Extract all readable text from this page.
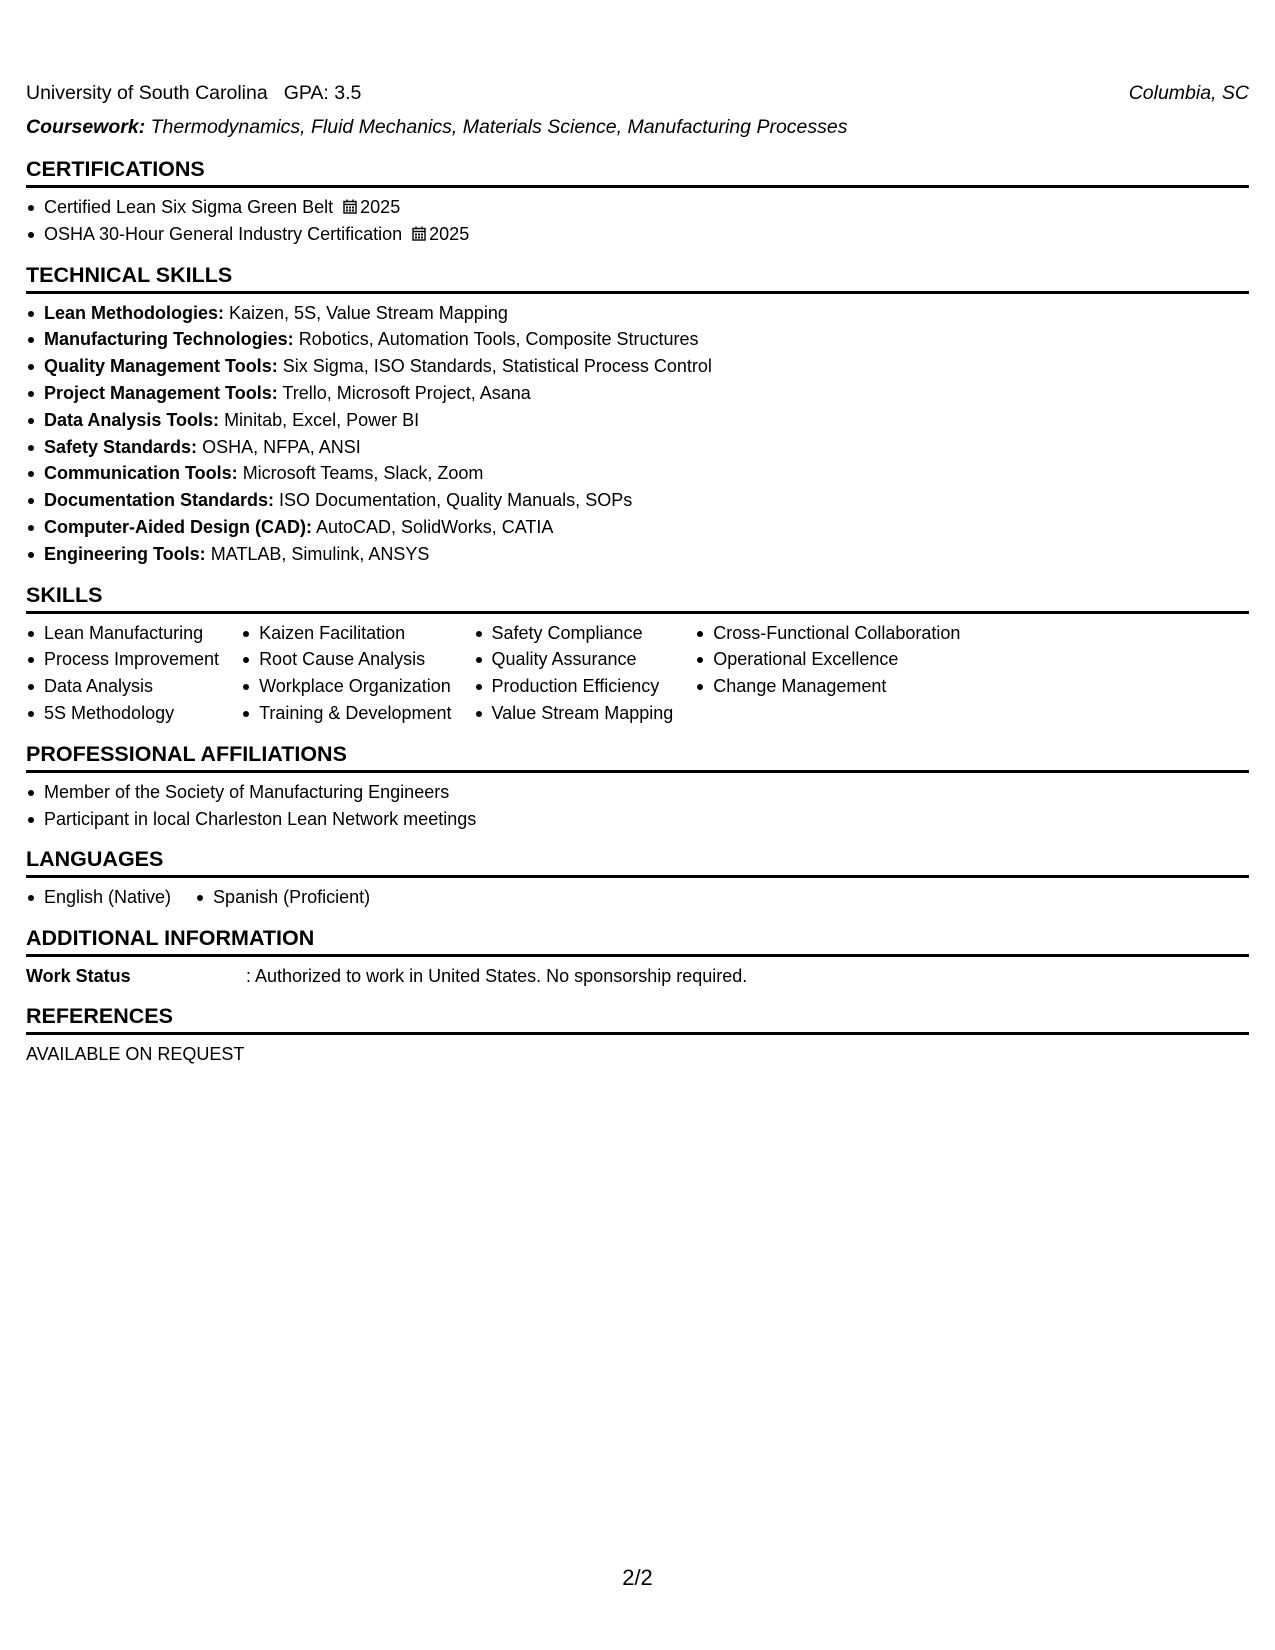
University of South Carolina GPA: 3.5	Columbia, SC
Coursework: Thermodynamics, Fluid Mechanics, Materials Science, Manufacturing Processes
CERTIFICATIONS
Certified Lean Six Sigma Green Belt 2025
OSHA 30-Hour General Industry Certification 2025
TECHNICAL SKILLS
Lean Methodologies: Kaizen, 5S, Value Stream Mapping
Manufacturing Technologies: Robotics, Automation Tools, Composite Structures
Quality Management Tools: Six Sigma, ISO Standards, Statistical Process Control
Project Management Tools: Trello, Microsoft Project, Asana
Data Analysis Tools: Minitab, Excel, Power BI
Safety Standards: OSHA, NFPA, ANSI
Communication Tools: Microsoft Teams, Slack, Zoom
Documentation Standards: ISO Documentation, Quality Manuals, SOPs
Computer-Aided Design (CAD): AutoCAD, SolidWorks, CATIA
Engineering Tools: MATLAB, Simulink, ANSYS
SKILLS
Lean Manufacturing
Process Improvement
Data Analysis
5S Methodology
Kaizen Facilitation
Root Cause Analysis
Workplace Organization
Training & Development
Safety Compliance
Quality Assurance
Production Efficiency
Value Stream Mapping
Cross-Functional Collaboration
Operational Excellence
Change Management
PROFESSIONAL AFFILIATIONS
Member of the Society of Manufacturing Engineers
Participant in local Charleston Lean Network meetings
LANGUAGES
English (Native) Spanish (Proficient)
ADDITIONAL INFORMATION
Work Status	: Authorized to work in United States. No sponsorship required.
REFERENCES
AVAILABLE ON REQUEST
2/2
